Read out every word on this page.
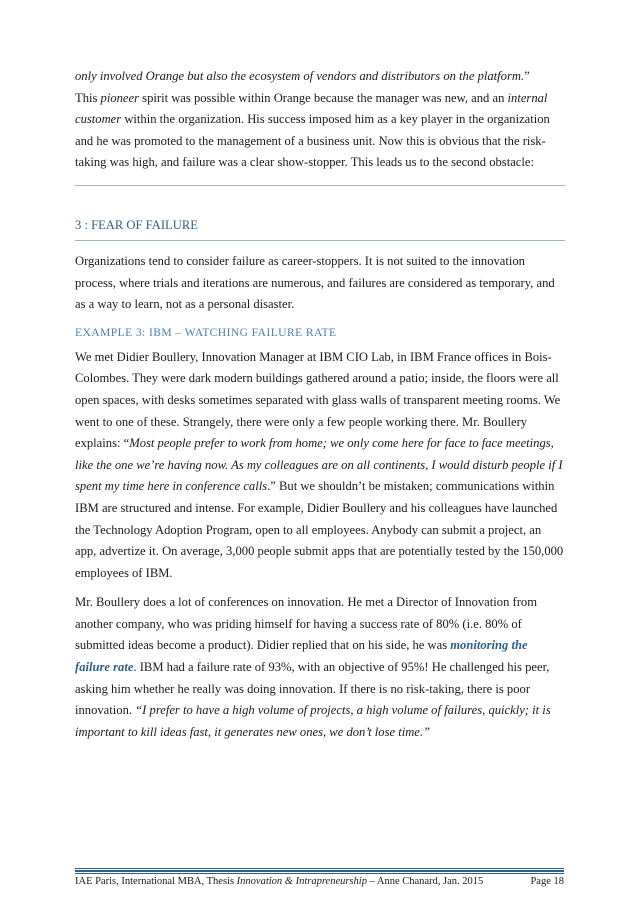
only involved Orange but also the ecosystem of vendors and distributors on the platform.”
This pioneer spirit was possible within Orange because the manager was new, and an internal customer within the organization. His success imposed him as a key player in the organization and he was promoted to the management of a business unit. Now this is obvious that the risk-taking was high, and failure was a clear show-stopper. This leads us to the second obstacle:

3 : FEAR OF FAILURE

Organizations tend to consider failure as career-stoppers. It is not suited to the innovation process, where trials and iterations are numerous, and failures are considered as temporary, and as a way to learn, not as a personal disaster.

EXAMPLE 3: IBM – WATCHING FAILURE RATE

We met Didier Boullery, Innovation Manager at IBM CIO Lab, in IBM France offices in Bois-Colombes. They were dark modern buildings gathered around a patio; inside, the floors were all open spaces, with desks sometimes separated with glass walls of transparent meeting rooms. We went to one of these. Strangely, there were only a few people working there. Mr. Boullery explains: “Most people prefer to work from home; we only come here for face to face meetings, like the one we’re having now. As my colleagues are on all continents, I would disturb people if I spent my time here in conference calls.” But we shouldn’t be mistaken; communications within IBM are structured and intense. For example, Didier Boullery and his colleagues have launched the Technology Adoption Program, open to all employees. Anybody can submit a project, an app, advertize it. On average, 3,000 people submit apps that are potentially tested by the 150,000 employees of IBM.

Mr. Boullery does a lot of conferences on innovation. He met a Director of Innovation from another company, who was priding himself for having a success rate of 80% (i.e. 80% of submitted ideas become a product). Didier replied that on his side, he was monitoring the failure rate. IBM had a failure rate of 93%, with an objective of 95%! He challenged his peer, asking him whether he really was doing innovation. If there is no risk-taking, there is poor innovation. “I prefer to have a high volume of projects, a high volume of failures, quickly; it is important to kill ideas fast, it generates new ones, we don’t lose time.”

IAE Paris, International MBA, Thesis Innovation & Intrapreneurship – Anne Chanard, Jan. 2015	Page 18
